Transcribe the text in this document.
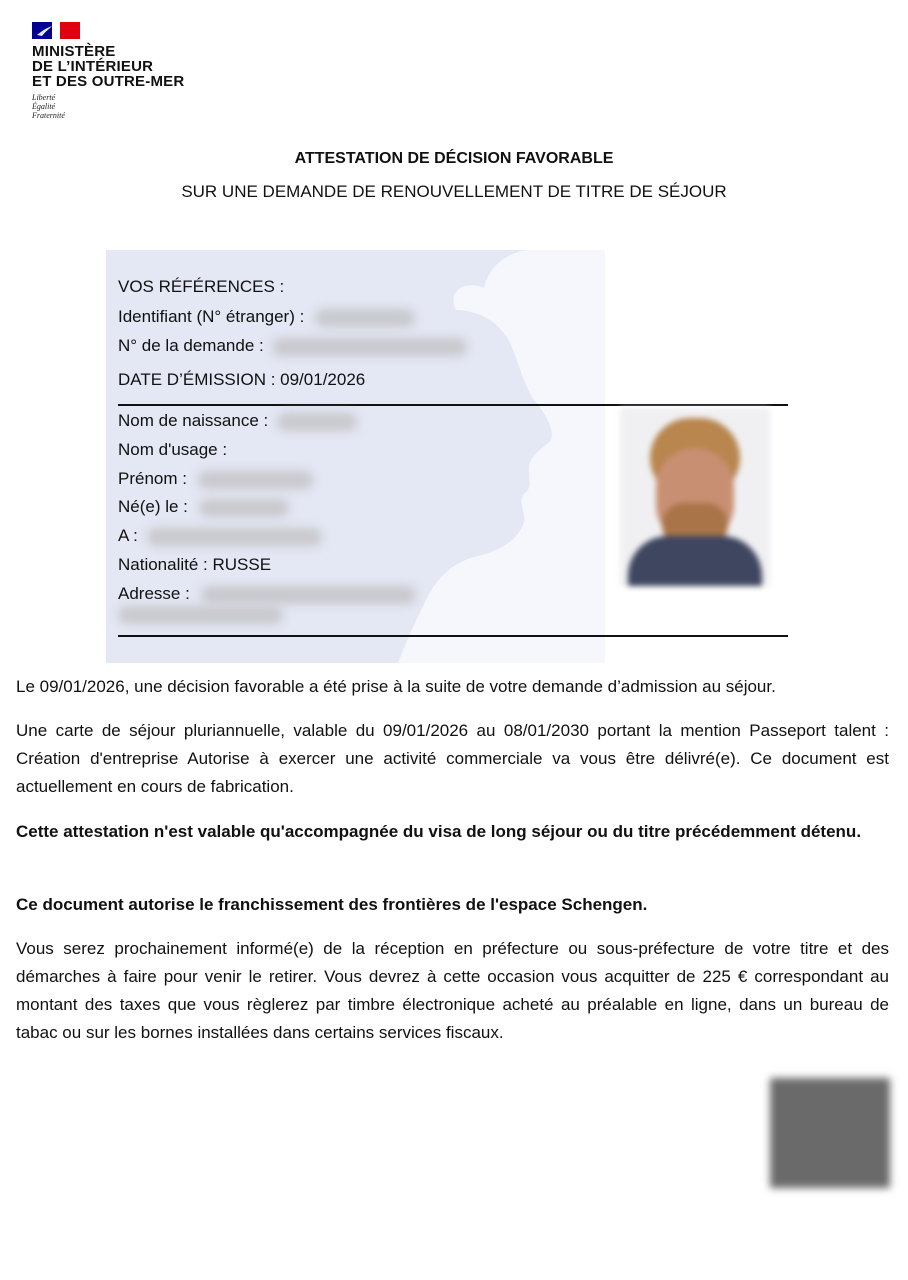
MINISTÈRE
DE L’INTÉRIEUR
ET DES OUTRE-MER
Liberté
Égalité
Fraternité
ATTESTATION DE DÉCISION FAVORABLE
SUR UNE DEMANDE DE RENOUVELLEMENT DE TITRE DE SÉJOUR
VOS RÉFÉRENCES :
Identifiant (N° étranger) :
N° de la demande :
DATE D’ÉMISSION : 09/01/2026
Nom de naissance :
Nom d'usage :
Prénom :
Né(e) le :
A :
Nationalité : RUSSE
Adresse :
Le 09/01/2026, une décision favorable a été prise à la suite de votre demande d’admission au séjour.
Une carte de séjour pluriannuelle, valable du 09/01/2026 au 08/01/2030 portant la mention Passeport talent : Création d'entreprise Autorise à exercer une activité commerciale va vous être délivré(e). Ce document est actuellement en cours de fabrication.
Cette attestation n'est valable qu'accompagnée du visa de long séjour ou du titre précédemment détenu.
Ce document autorise le franchissement des frontières de l'espace Schengen.
Vous serez prochainement informé(e) de la réception en préfecture ou sous-préfecture de votre titre et des démarches à faire pour venir le retirer. Vous devrez à cette occasion vous acquitter de 225 € correspondant au montant des taxes que vous règlerez par timbre électronique acheté au préalable en ligne, dans un bureau de tabac ou sur les bornes installées dans certains services fiscaux.
